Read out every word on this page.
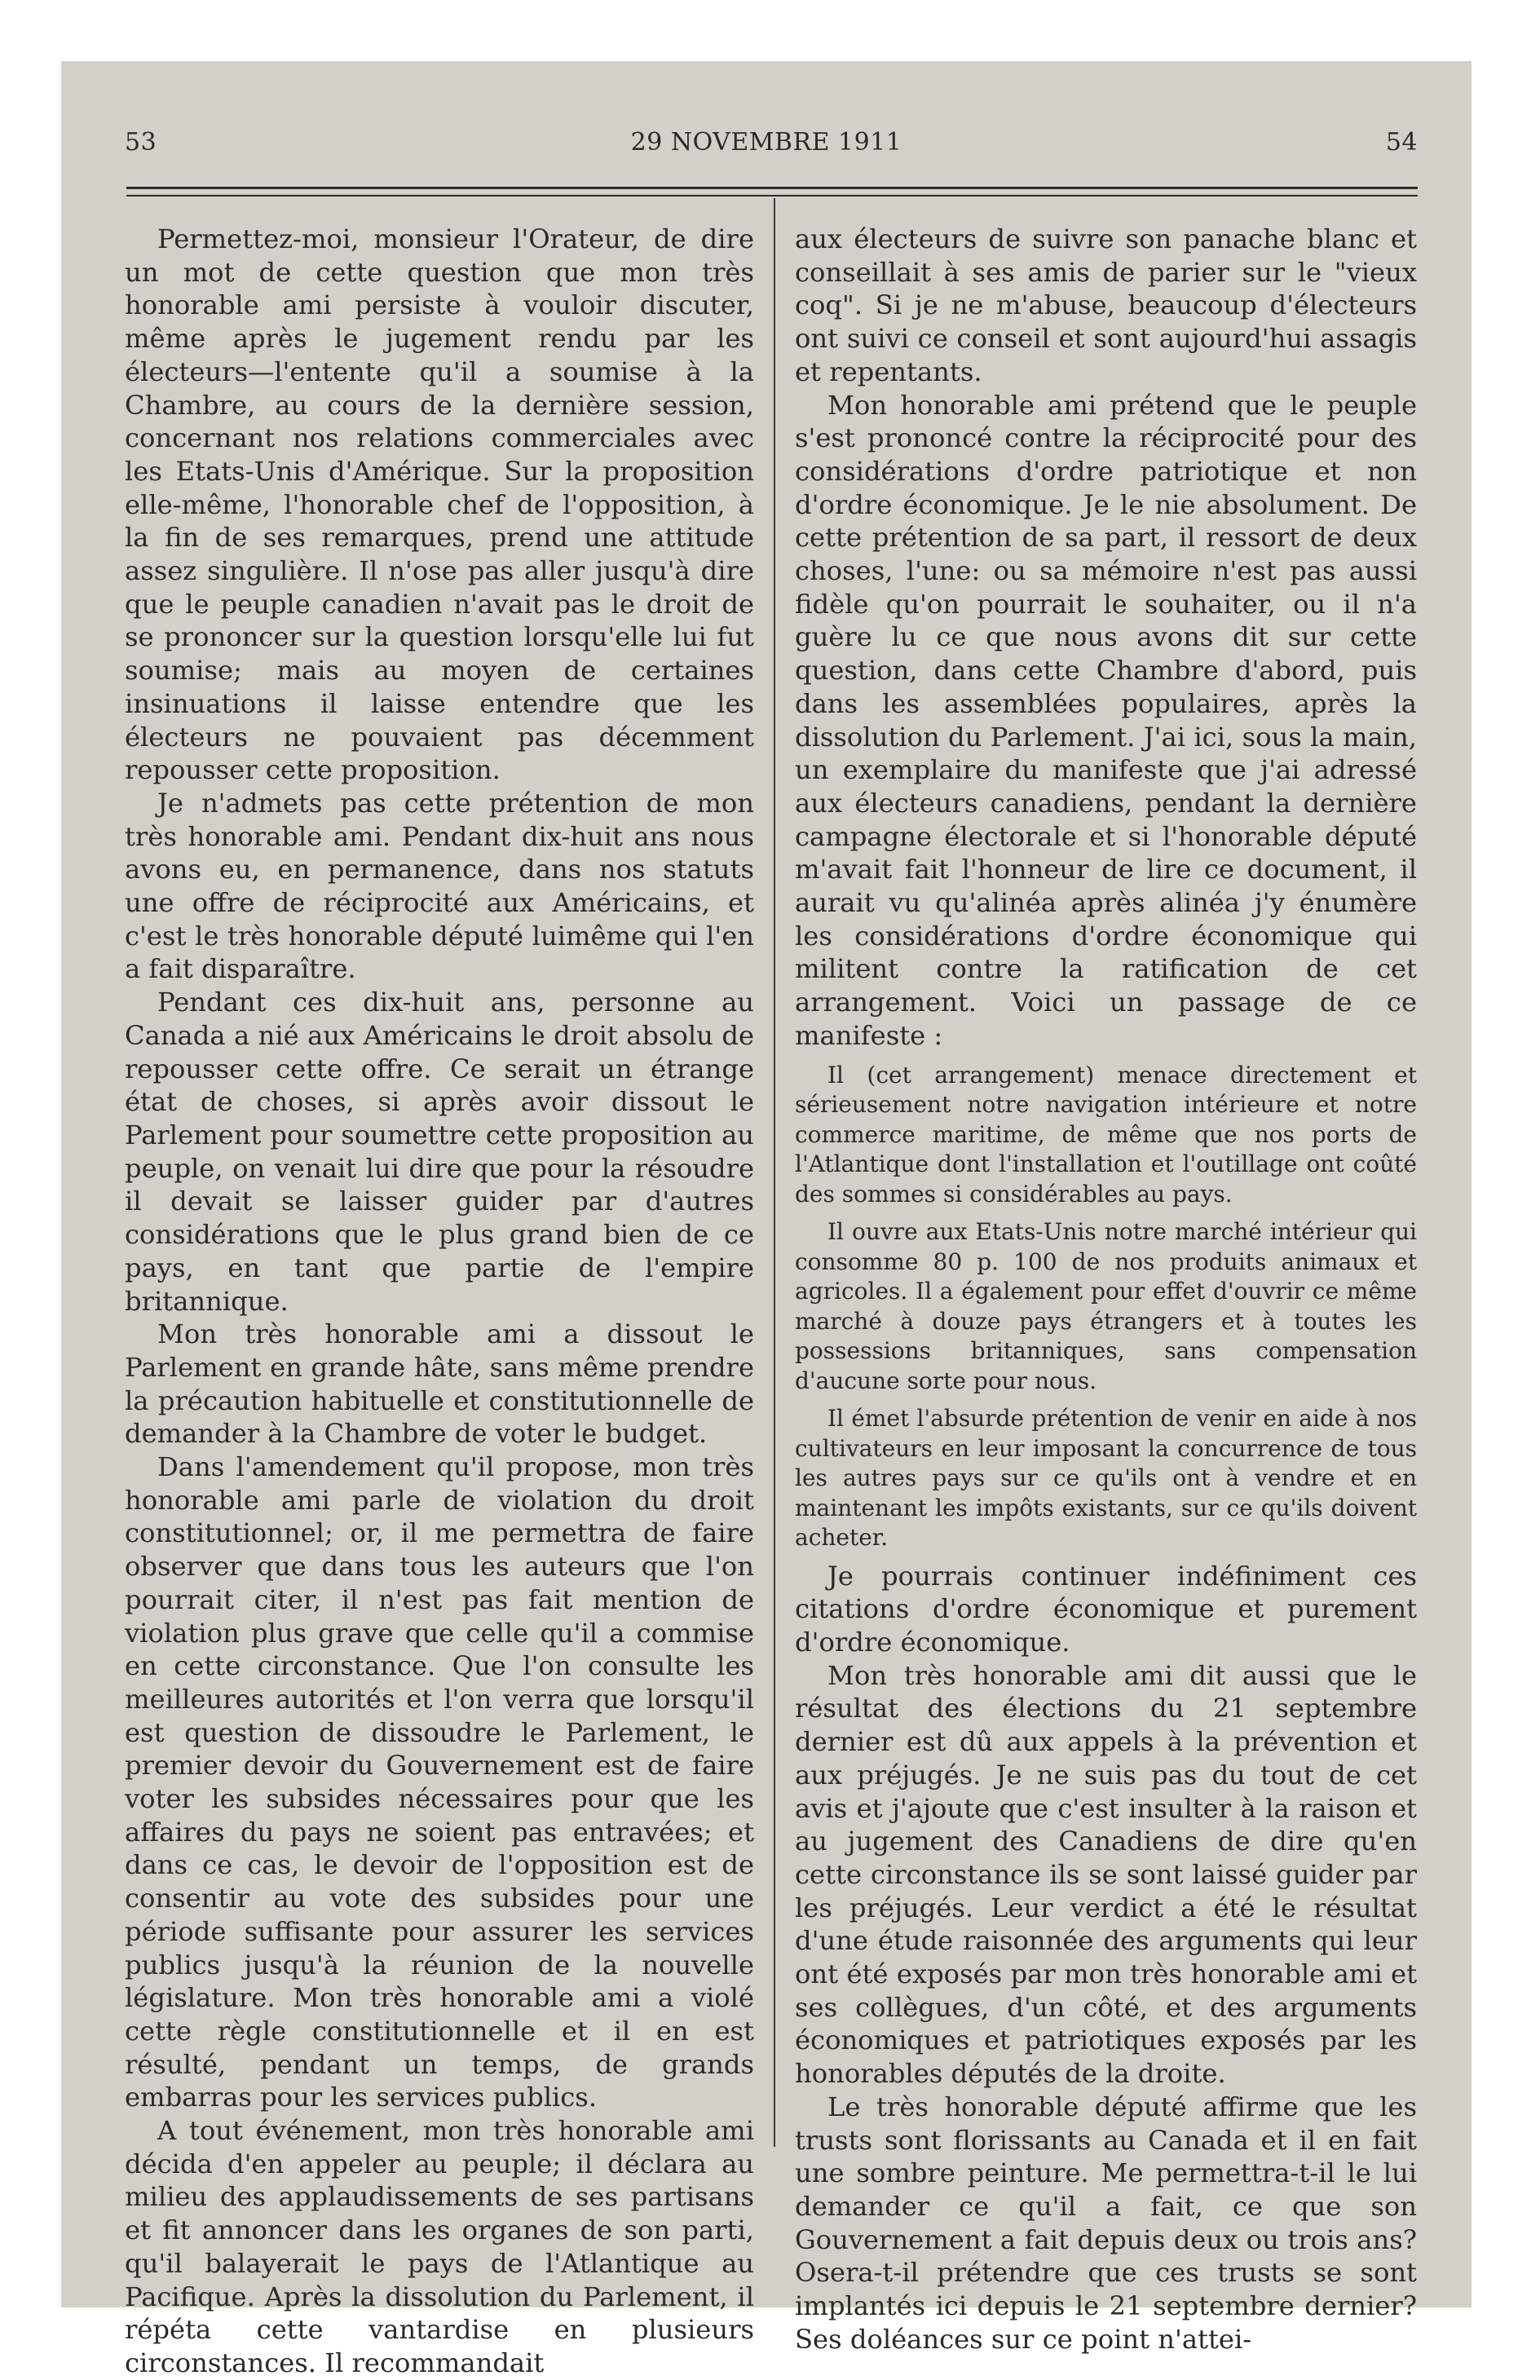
53	29 NOVEMBRE 1911	54

Permettez-moi, monsieur l'Orateur, de dire un mot de cette question que mon très honorable ami persiste à vouloir discuter, même après le jugement rendu par les électeurs—l'entente qu'il a soumise à la Chambre, au cours de la dernière session, concernant nos relations commerciales avec les Etats-Unis d'Amérique. Sur la proposition elle-même, l'honorable chef de l'opposition, à la fin de ses remarques, prend une attitude assez singulière. Il n'ose pas aller jusqu'à dire que le peuple canadien n'avait pas le droit de se prononcer sur la question lorsqu'elle lui fut soumise; mais au moyen de certaines insinuations il laisse entendre que les électeurs ne pouvaient pas décemment repousser cette proposition.

Je n'admets pas cette prétention de mon très honorable ami. Pendant dix-huit ans nous avons eu, en permanence, dans nos statuts une offre de réciprocité aux Américains, et c'est le très honorable député luimême qui l'en a fait disparaître.

Pendant ces dix-huit ans, personne au Canada a nié aux Américains le droit absolu de repousser cette offre. Ce serait un étrange état de choses, si après avoir dissout le Parlement pour soumettre cette proposition au peuple, on venait lui dire que pour la résoudre il devait se laisser guider par d'autres considérations que le plus grand bien de ce pays, en tant que partie de l'empire britannique.

Mon très honorable ami a dissout le Parlement en grande hâte, sans même prendre la précaution habituelle et constitutionnelle de demander à la Chambre de voter le budget.

Dans l'amendement qu'il propose, mon très honorable ami parle de violation du droit constitutionnel; or, il me permettra de faire observer que dans tous les auteurs que l'on pourrait citer, il n'est pas fait mention de violation plus grave que celle qu'il a commise en cette circonstance. Que l'on consulte les meilleures autorités et l'on verra que lorsqu'il est question de dissoudre le Parlement, le premier devoir du Gouvernement est de faire voter les subsides nécessaires pour que les affaires du pays ne soient pas entravées; et dans ce cas, le devoir de l'opposition est de consentir au vote des subsides pour une période suffisante pour assurer les services publics jusqu'à la réunion de la nouvelle législature. Mon très honorable ami a violé cette règle constitutionnelle et il en est résulté, pendant un temps, de grands embarras pour les services publics.

A tout événement, mon très honorable ami décida d'en appeler au peuple; il déclara au milieu des applaudissements de ses partisans et fit annoncer dans les organes de son parti, qu'il balayerait le pays de l'Atlantique au Pacifique. Après la dissolution du Parlement, il répéta cette vantardise en plusieurs circonstances. Il recommandait

aux électeurs de suivre son panache blanc et conseillait à ses amis de parier sur le "vieux coq". Si je ne m'abuse, beaucoup d'électeurs ont suivi ce conseil et sont aujourd'hui assagis et repentants.

Mon honorable ami prétend que le peuple s'est prononcé contre la réciprocité pour des considérations d'ordre patriotique et non d'ordre économique. Je le nie absolument. De cette prétention de sa part, il ressort de deux choses, l'une: ou sa mémoire n'est pas aussi fidèle qu'on pourrait le souhaiter, ou il n'a guère lu ce que nous avons dit sur cette question, dans cette Chambre d'abord, puis dans les assemblées populaires, après la dissolution du Parlement. J'ai ici, sous la main, un exemplaire du manifeste que j'ai adressé aux électeurs canadiens, pendant la dernière campagne électorale et si l'honorable député m'avait fait l'honneur de lire ce document, il aurait vu qu'alinéa après alinéa j'y énumère les considérations d'ordre économique qui militent contre la ratification de cet arrangement. Voici un passage de ce manifeste :

Il (cet arrangement) menace directement et sérieusement notre navigation intérieure et notre commerce maritime, de même que nos ports de l'Atlantique dont l'installation et l'outillage ont coûté des sommes si considérables au pays.

Il ouvre aux Etats-Unis notre marché intérieur qui consomme 80 p. 100 de nos produits animaux et agricoles. Il a également pour effet d'ouvrir ce même marché à douze pays étrangers et à toutes les possessions britanniques, sans compensation d'aucune sorte pour nous.

Il émet l'absurde prétention de venir en aide à nos cultivateurs en leur imposant la concurrence de tous les autres pays sur ce qu'ils ont à vendre et en maintenant les impôts existants, sur ce qu'ils doivent acheter.

Je pourrais continuer indéfiniment ces citations d'ordre économique et purement d'ordre économique.

Mon très honorable ami dit aussi que le résultat des élections du 21 septembre dernier est dû aux appels à la prévention et aux préjugés. Je ne suis pas du tout de cet avis et j'ajoute que c'est insulter à la raison et au jugement des Canadiens de dire qu'en cette circonstance ils se sont laissé guider par les préjugés. Leur verdict a été le résultat d'une étude raisonnée des arguments qui leur ont été exposés par mon très honorable ami et ses collègues, d'un côté, et des arguments économiques et patriotiques exposés par les honorables députés de la droite.

Le très honorable député affirme que les trusts sont florissants au Canada et il en fait une sombre peinture. Me permettra-t-il le lui demander ce qu'il a fait, ce que son Gouvernement a fait depuis deux ou trois ans? Osera-t-il prétendre que ces trusts se sont implantés ici depuis le 21 septembre dernier? Ses doléances sur ce point n'attei-
